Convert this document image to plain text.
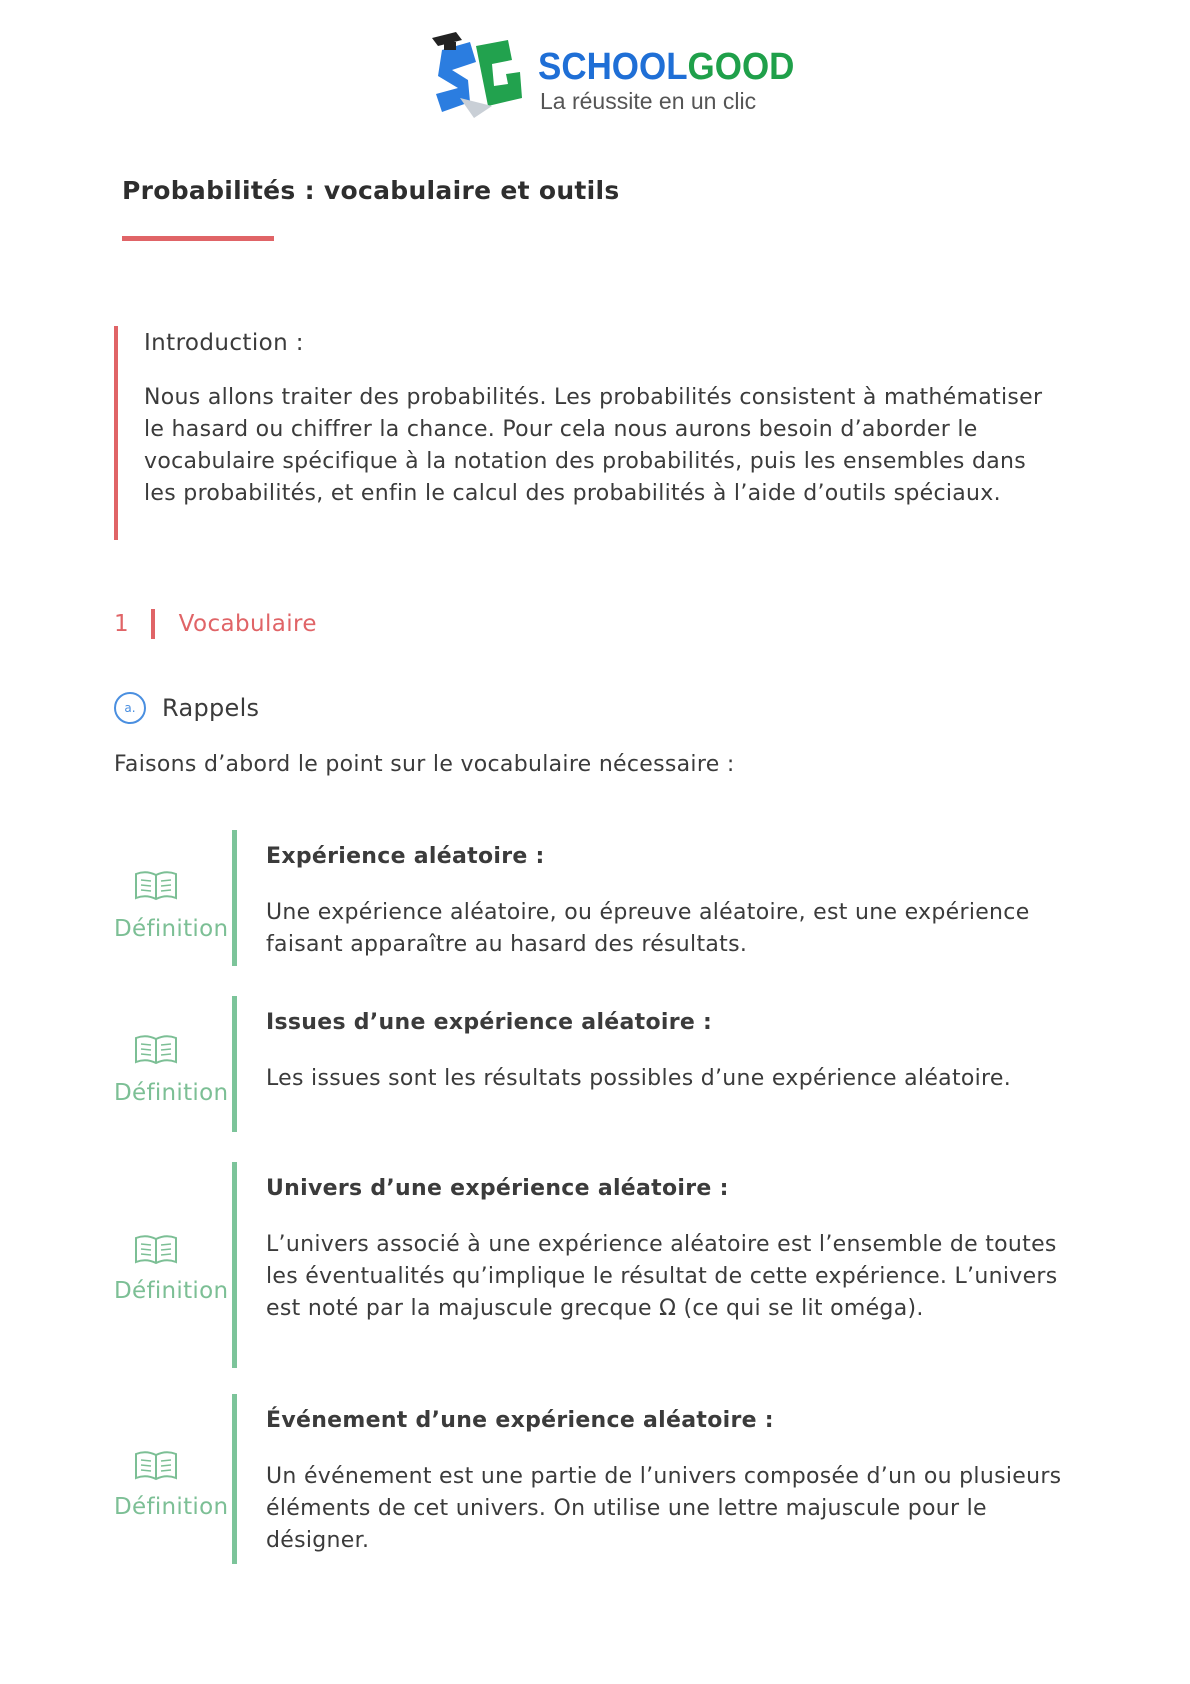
SCHOOLGOOD
La réussite en un clic
Probabilités : vocabulaire et outils

Introduction :

Nous allons traiter des probabilités. Les probabilités consistent à mathématiser le hasard ou chiffrer la chance. Pour cela nous aurons besoin d’aborder le vocabulaire spécifique à la notation des probabilités, puis les ensembles dans les probabilités, et enfin le calcul des probabilités à l’aide d’outils spéciaux.

1 Vocabulaire
a.	Rappels

Faisons d’abord le point sur le vocabulaire nécessaire :

Définition

Expérience aléatoire :

Une expérience aléatoire, ou épreuve aléatoire, est une expérience faisant apparaître au hasard des résultats.

Définition

Issues d’une expérience aléatoire :

Les issues sont les résultats possibles d’une expérience aléatoire.

Définition

Univers d’une expérience aléatoire :

L’univers associé à une expérience aléatoire est l’ensemble de toutes les éventualités qu’implique le résultat de cette expérience. L’univers est noté par la majuscule grecque Ω (ce qui se lit oméga).

Définition

Événement d’une expérience aléatoire :

Un événement est une partie de l’univers composée d’un ou plusieurs éléments de cet univers. On utilise une lettre majuscule pour le désigner.
